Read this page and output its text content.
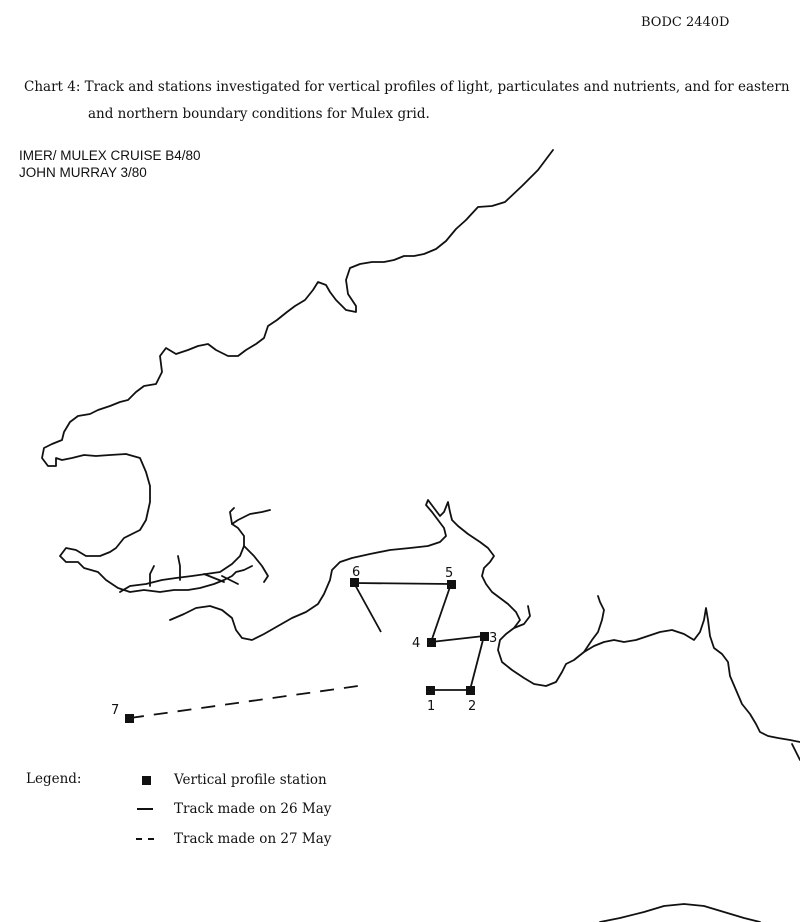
BODC 2440D
Chart 4: Track and stations investigated for vertical profiles of light, particulates and nutrients, and for eastern
and northern boundary conditions for Mulex grid.
IMER/ MULEX CRUISE B4/80
JOHN MURRAY 3/80
1	2
3
4
5
6
7
Legend:	Vertical profile station
Track made on 26 May
Track made on 27 May
